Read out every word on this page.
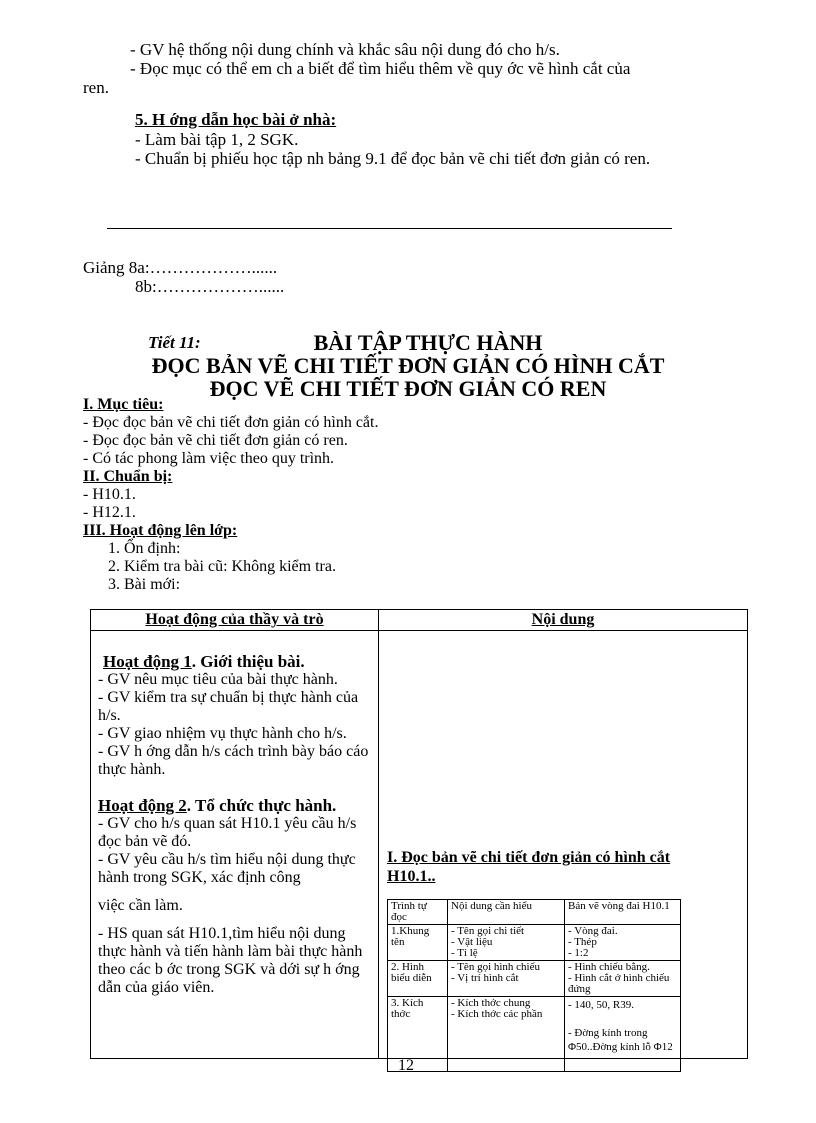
- GV hệ thống nội dung chính và khắc sâu nội dung đó cho h/s.
- Đọc mục có thể em ch a biết để tìm hiểu thêm về quy ớc vẽ hình cắt của
ren.
5. H ớng dẫn học bài ở nhà:
- Làm bài tập 1, 2 SGK.
- Chuẩn bị phiếu học tập nh bảng 9.1 để đọc bản vẽ chi tiết đơn giản có ren.
Giảng 8a:………………......
8b:………………......
Tiết 11:	BÀI TẬP THỰC HÀNH
ĐỌC BẢN VẼ CHI TIẾT ĐƠN GIẢN CÓ HÌNH CẮT
ĐỌC VẼ CHI TIẾT ĐƠN GIẢN CÓ REN
I. Mục tiêu:
- Đọc đọc bản vẽ chi tiết đơn giản có hình cắt.
- Đọc đọc bản vẽ chi tiết đơn giản có ren.
- Có tác phong làm việc theo quy trình.
II. Chuẩn bị:
- H10.1.
- H12.1.
III. Hoạt động lên lớp:
1. Ổn định:
2. Kiểm tra bài cũ: Không kiểm tra.
3. Bài mới:
Hoạt động của thầy và trò	Nội dung

Hoạt động 1. Giới thiệu bài.

- GV nêu mục tiêu của bài thực hành.

- GV kiểm tra sự chuẩn bị thực hành của h/s.

- GV giao nhiệm vụ thực hành cho h/s.

- GV h ớng dẫn h/s cách trình bày báo cáo thực hành.

Hoạt động 2. Tổ chức thực hành.

- GV cho h/s quan sát H10.1 yêu cầu h/s đọc bản vẽ đó.

- GV yêu cầu h/s tìm hiểu nội dung thực hành trong SGK, xác định công

việc cần làm.

- HS quan sát H10.1,tìm hiểu nội dung thực hành và tiến hành làm bài thực hành theo các b ớc trong SGK và dới sự h ớng dẫn của giáo viên.

I. Đọc bản vẽ chi tiết đơn giản có hình cắt
H10.1..
Trình tự đọc	Nội dung cần hiểu	Bản vẽ vòng đai H10.1
1.Khung tên	- Tên gọi chi tiết
- Vật liệu
- Tỉ lệ	- Vòng đai.
- Thép
- 1:2
2. Hình biểu diễn	- Tên gọi hình chiếu
- Vị trí hình cắt	- Hình chiếu bằng.
- Hình cắt ở hình chiếu đứng
3. Kích thớc	- Kích thớc chung
- Kích thớc các phần	- 140, 50, R39.

- Đờng kính trong Φ50..Đờng kính lỗ Φ12
12
